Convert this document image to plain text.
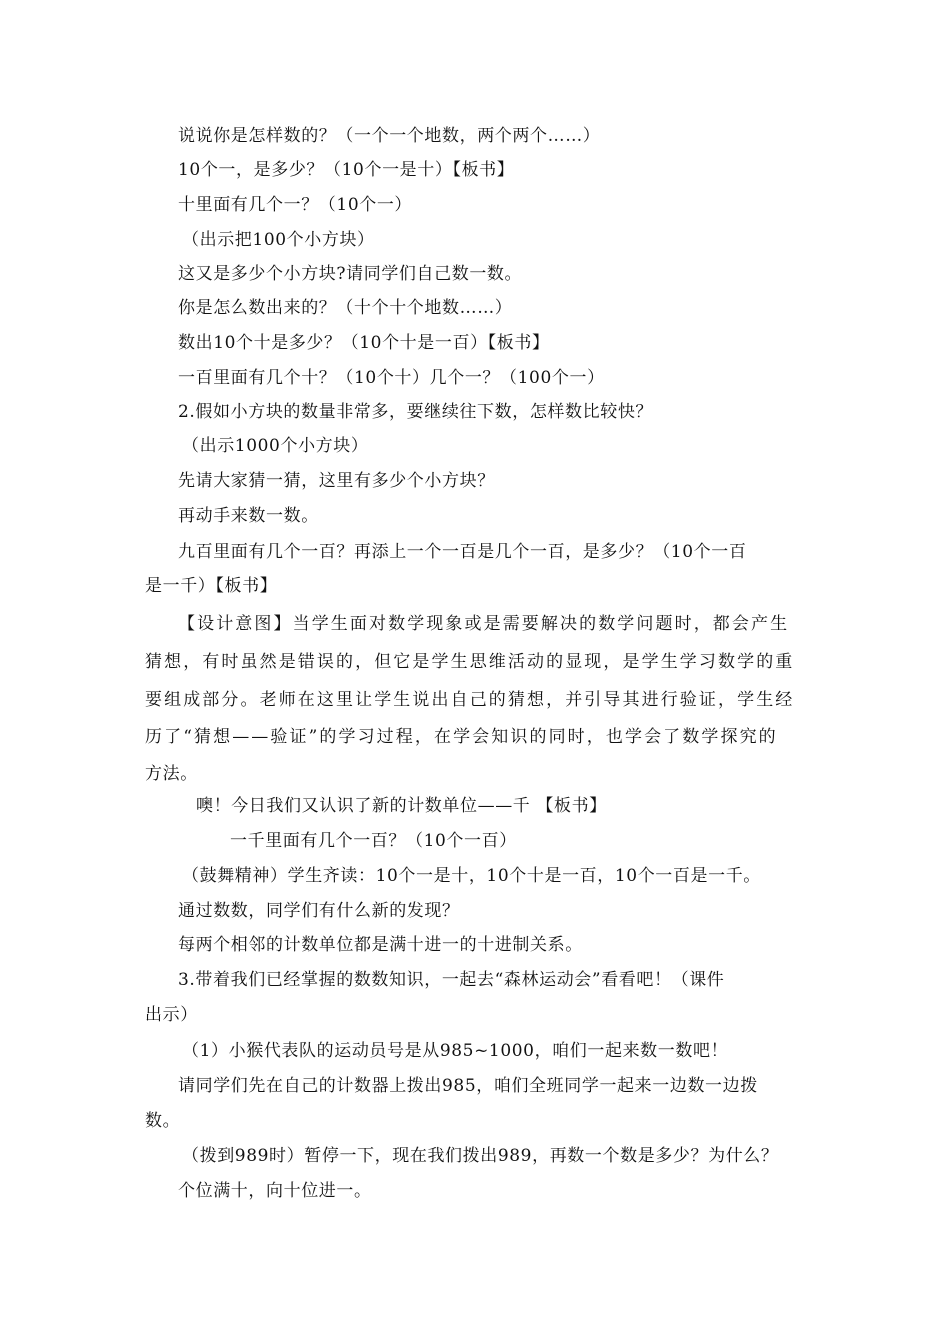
说说你是怎样数的？（一个一个地数，两个两个……）
10个一，是多少？（10个一是十）【板书】
十里面有几个一？（10个一）
（出示把100个小方块）
这又是多少个小方块?请同学们自己数一数。
你是怎么数出来的？（十个十个地数……）
数出10个十是多少？（10个十是一百）【板书】
一百里面有几个十？（10个十）几个一？（100个一）
2.假如小方块的数量非常多，要继续往下数，怎样数比较快？
（出示1000个小方块）
先请大家猜一猜，这里有多少个小方块？
再动手来数一数。
九百里面有几个一百？再添上一个一百是几个一百，是多少？（10个一百
是一千）【板书】
【设计意图】当学生面对数学现象或是需要解决的数学问题时，都会产生
猜想，有时虽然是错误的，但它是学生思维活动的显现，是学生学习数学的重
要组成部分。老师在这里让学生说出自己的猜想，并引导其进行验证，学生经
历了“猜想——验证”的学习过程，在学会知识的同时，也学会了数学探究的
方法。
噢！今日我们又认识了新的计数单位——千 【板书】
一千里面有几个一百？（10个一百）
（鼓舞精神）学生齐读：10个一是十，10个十是一百，10个一百是一千。
通过数数，同学们有什么新的发现？
每两个相邻的计数单位都是满十进一的十进制关系。
3.带着我们已经掌握的数数知识，一起去“森林运动会”看看吧！（课件
出示）
（1）小猴代表队的运动员号是从985~1000，咱们一起来数一数吧！
请同学们先在自己的计数器上拨出985，咱们全班同学一起来一边数一边拨
数。
（拨到989时）暂停一下，现在我们拨出989，再数一个数是多少？为什么？
个位满十，向十位进一。
